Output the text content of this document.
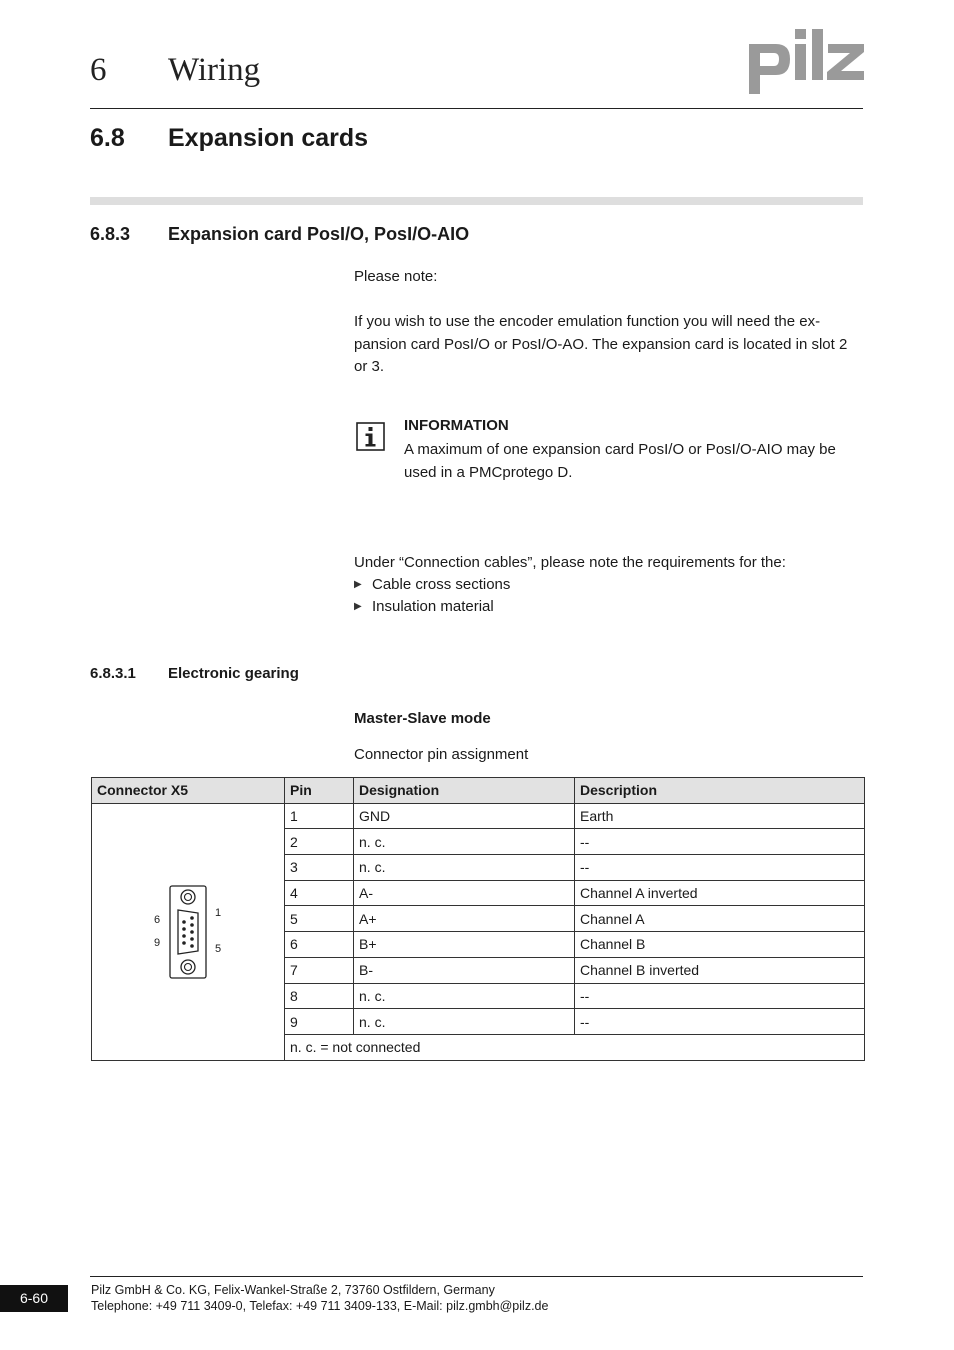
6 Wiring
6.8 Expansion cards
6.8.3 Expansion card PosI/O, PosI/O-AIO
Please note:
If you wish to use the encoder emulation function you will need the ex-pansion card PosI/O or PosI/O-AO. The expansion card is located in slot 2 or 3.
INFORMATION
A maximum of one expansion card PosI/O or PosI/O-AIO may be used in a PMCprotego D.
Under “Connection cables”, please note the requirements for the:
▶ Cable cross sections
▶ Insulation material
6.8.3.1 Electronic gearing
Master-Slave mode
Connector pin assignment
Connector X5	Pin	Designation	Description

6
9
1
5	1	GND	Earth
	2	n. c.	--
	3	n. c.	--
	4	A-	Channel A inverted
	5	A+	Channel A
	6	B+	Channel B
	7	B-	Channel B inverted
	8	n. c.	--
	9	n. c.	--
	n. c. = not connected		
6-60	Pilz GmbH & Co. KG, Felix-Wankel-Straße 2, 73760 Ostfildern, Germany
Telephone: +49 711 3409-0, Telefax: +49 711 3409-133, E-Mail: pilz.gmbh@pilz.de
